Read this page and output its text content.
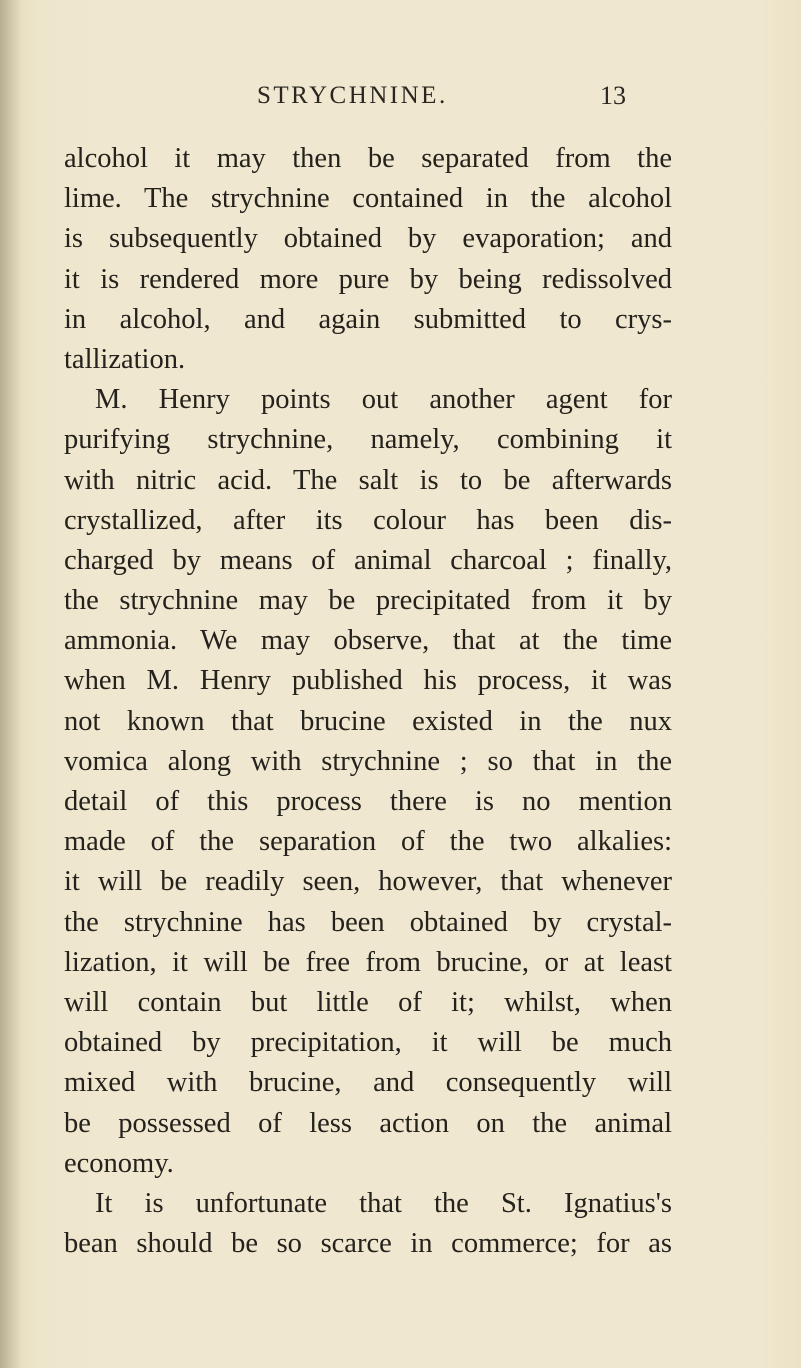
STRYCHNINE.	13
alcohol it may then be separated from the
lime. The strychnine contained in the alcohol
is subsequently obtained by evaporation; and
it is rendered more pure by being redissolved
in alcohol, and again submitted to crys-
tallization.
M. Henry points out another agent for
purifying strychnine, namely, combining it
with nitric acid. The salt is to be afterwards
crystallized, after its colour has been dis-
charged by means of animal charcoal ; finally,
the strychnine may be precipitated from it by
ammonia. We may observe, that at the time
when M. Henry published his process, it was
not known that brucine existed in the nux
vomica along with strychnine ; so that in the
detail of this process there is no mention
made of the separation of the two alkalies:
it will be readily seen, however, that whenever
the strychnine has been obtained by crystal-
lization, it will be free from brucine, or at least
will contain but little of it; whilst, when
obtained by precipitation, it will be much
mixed with brucine, and consequently will
be possessed of less action on the animal
economy.
It is unfortunate that the St. Ignatius's
bean should be so scarce in commerce; for as
